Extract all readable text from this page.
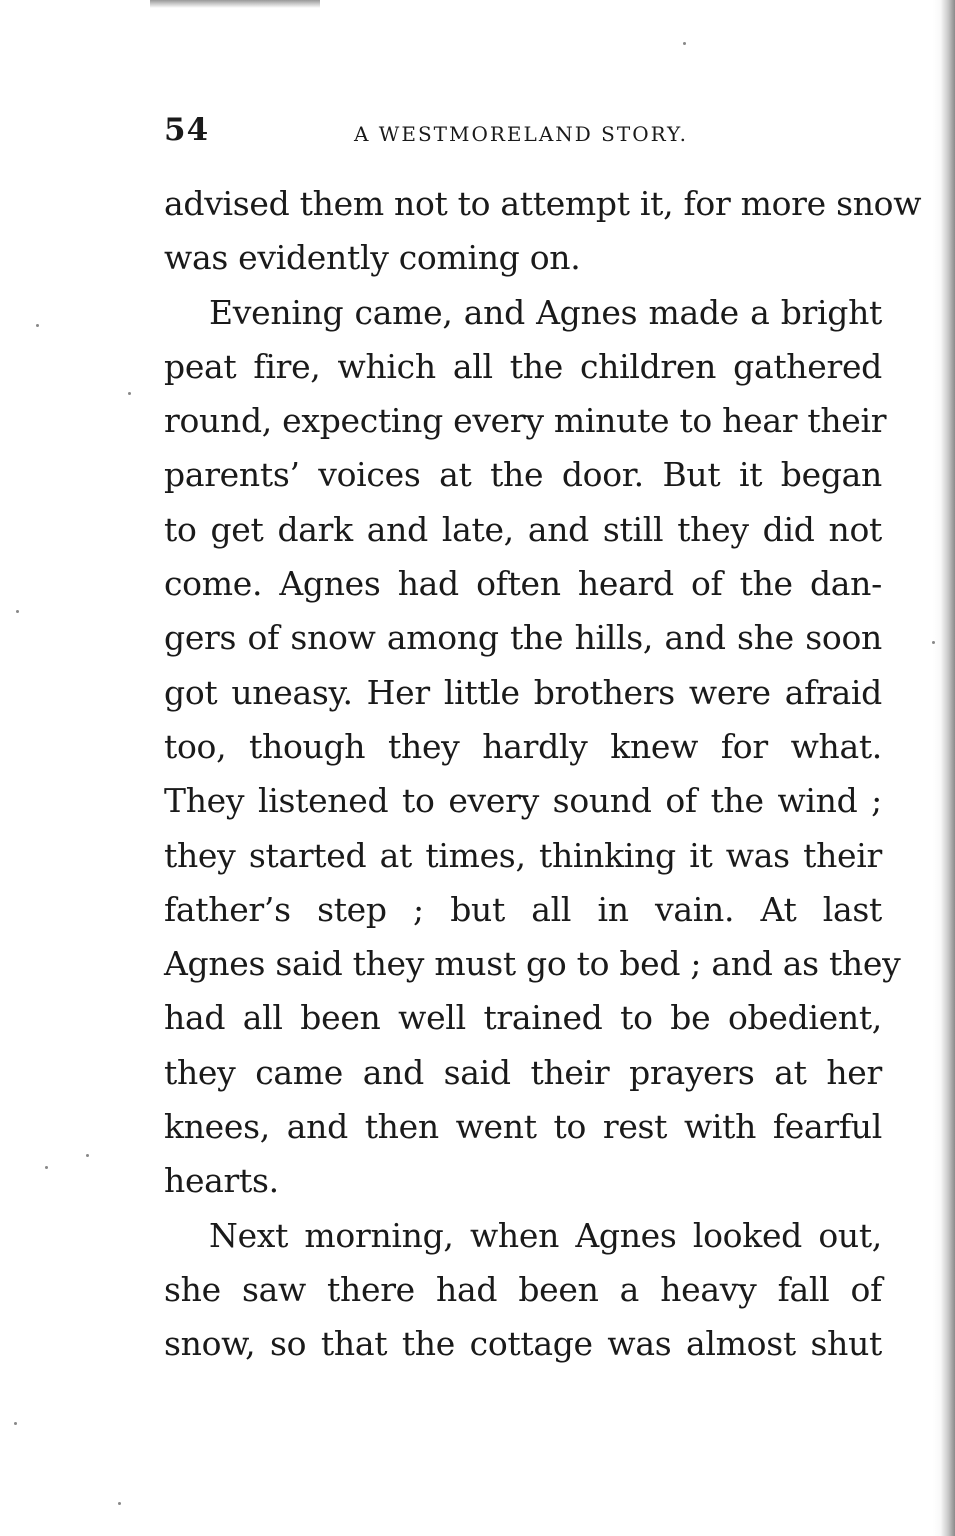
54	A WESTMORELAND STORY.
advised them not to attempt it, for more snow
was evidently coming on.
Evening came, and Agnes made a bright
peat fire, which all the children gathered
round, expecting every minute to hear their
parents’ voices at the door. But it began
to get dark and late, and still they did not
come. Agnes had often heard of the dan-
gers of snow among the hills, and she soon
got uneasy. Her little brothers were afraid
too, though they hardly knew for what.
They listened to every sound of the wind ;
they started at times, thinking it was their
father’s step ; but all in vain. At last
Agnes said they must go to bed ; and as they
had all been well trained to be obedient,
they came and said their prayers at her
knees, and then went to rest with fearful
hearts.
Next morning, when Agnes looked out,
she saw there had been a heavy fall of
snow, so that the cottage was almost shut
